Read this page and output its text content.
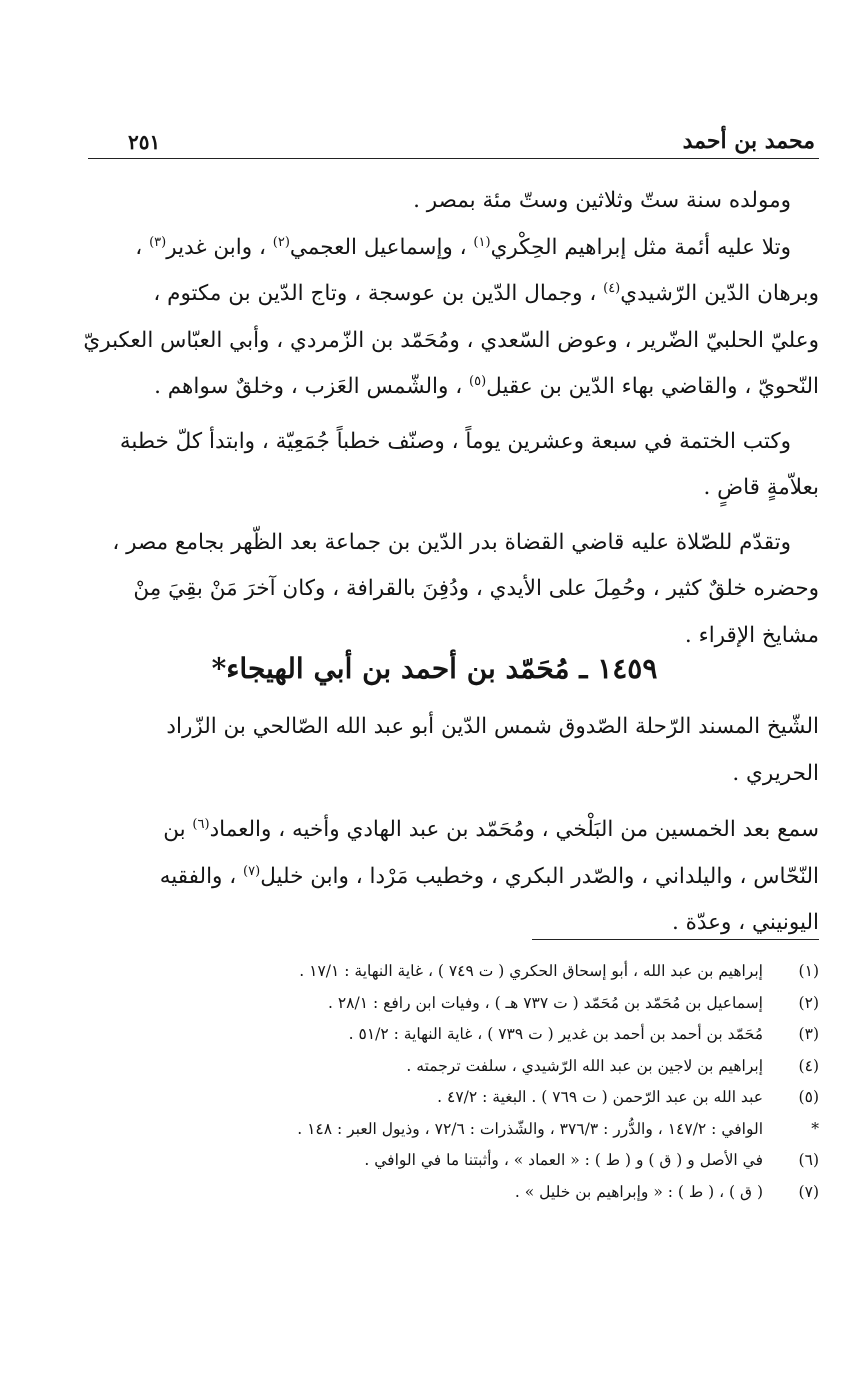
محمد بن أحمد
٢٥١

ومولده سنة ستّ وثلاثين وستّ مئة بمصر .

وتلا عليه أئمة مثل إبراهيم الحِكْري$^{(١)}$ ، وإسماعيل العجمي$^{(٢)}$ ، وابن غدير$^{(٣)}$ ،

وبرهان الدّين الرّشيدي$^{(٤)}$ ، وجمال الدّين بن عوسجة ، وتاج الدّين بن مكتوم ،

وعليّ الحلبيّ الضّرير ، وعوض السّعدي ، ومُحَمّد بن الزّمردي ، وأبي العبّاس العكبريّ

النّحويّ ، والقاضي بهاء الدّين بن عقيل$^{(٥)}$ ، والشّمس العَزب ، وخلقٌ سواهم .

وكتب الختمة في سبعة وعشرين يوماً ، وصنّف خطباً جُمَعِيّة ، وابتدأ كلّ خطبة

بعلاّمةٍ قاضٍ .

وتقدّم للصّلاة عليه قاضي القضاة بدر الدّين بن جماعة بعد الظّهر بجامع مصر ،

وحضره خلقٌ كثير ، وحُمِلَ على الأيدي ، ودُفِنَ بالقرافة ، وكان آخرَ مَنْ بقِيَ مِنْ

مشايخ الإقراء .

١٤٥٩ ـ مُحَمّد بن أحمد بن أبي الهيجاء*

الشّيخ المسند الرّحلة الصّدوق شمس الدّين أبو عبد الله الصّالحي بن الزّراد

الحريري .

سمع بعد الخمسين من البَلْخي ، ومُحَمّد بن عبد الهادي وأخيه ، والعماد$^{(٦)}$ بن

النّحّاس ، واليلداني ، والصّدر البكري ، وخطيب مَرْدا ، وابن خليل$^{(٧)}$ ، والفقيه

اليونيني ، وعدّة .

(١)
إبراهيم بن عبد الله ، أبو إسحاق الحكري ( ت ٧٤٩ ) ، غاية النهاية : ١٧/١ .
(٢)
إسماعيل بن مُحَمّد بن مُحَمّد ( ت ٧٣٧ هـ ) ، وفيات ابن رافع : ٢٨/١ .
(٣)
مُحَمّد بن أحمد بن أحمد بن غدير ( ت ٧٣٩ ) ، غاية النهاية : ٥١/٢ .
(٤)
إبراهيم بن لاجين بن عبد الله الرّشيدي ، سلفت ترجمته .
(٥)
عبد الله بن عبد الرّحمن ( ت ٧٦٩ ) . البغية : ٤٧/٢ .
*
الوافي : ١٤٧/٢ ، والدُّرر : ٣٧٦/٣ ، والشّذرات : ٧٢/٦ ، وذيول العبر : ١٤٨ .
(٦)
في الأصل و ( ق ) و ( ط ) : « العماد » ، وأثبتنا ما في الوافي .
(٧)
( ق ) ، ( ط ) : « وإبراهيم بن خليل » .
